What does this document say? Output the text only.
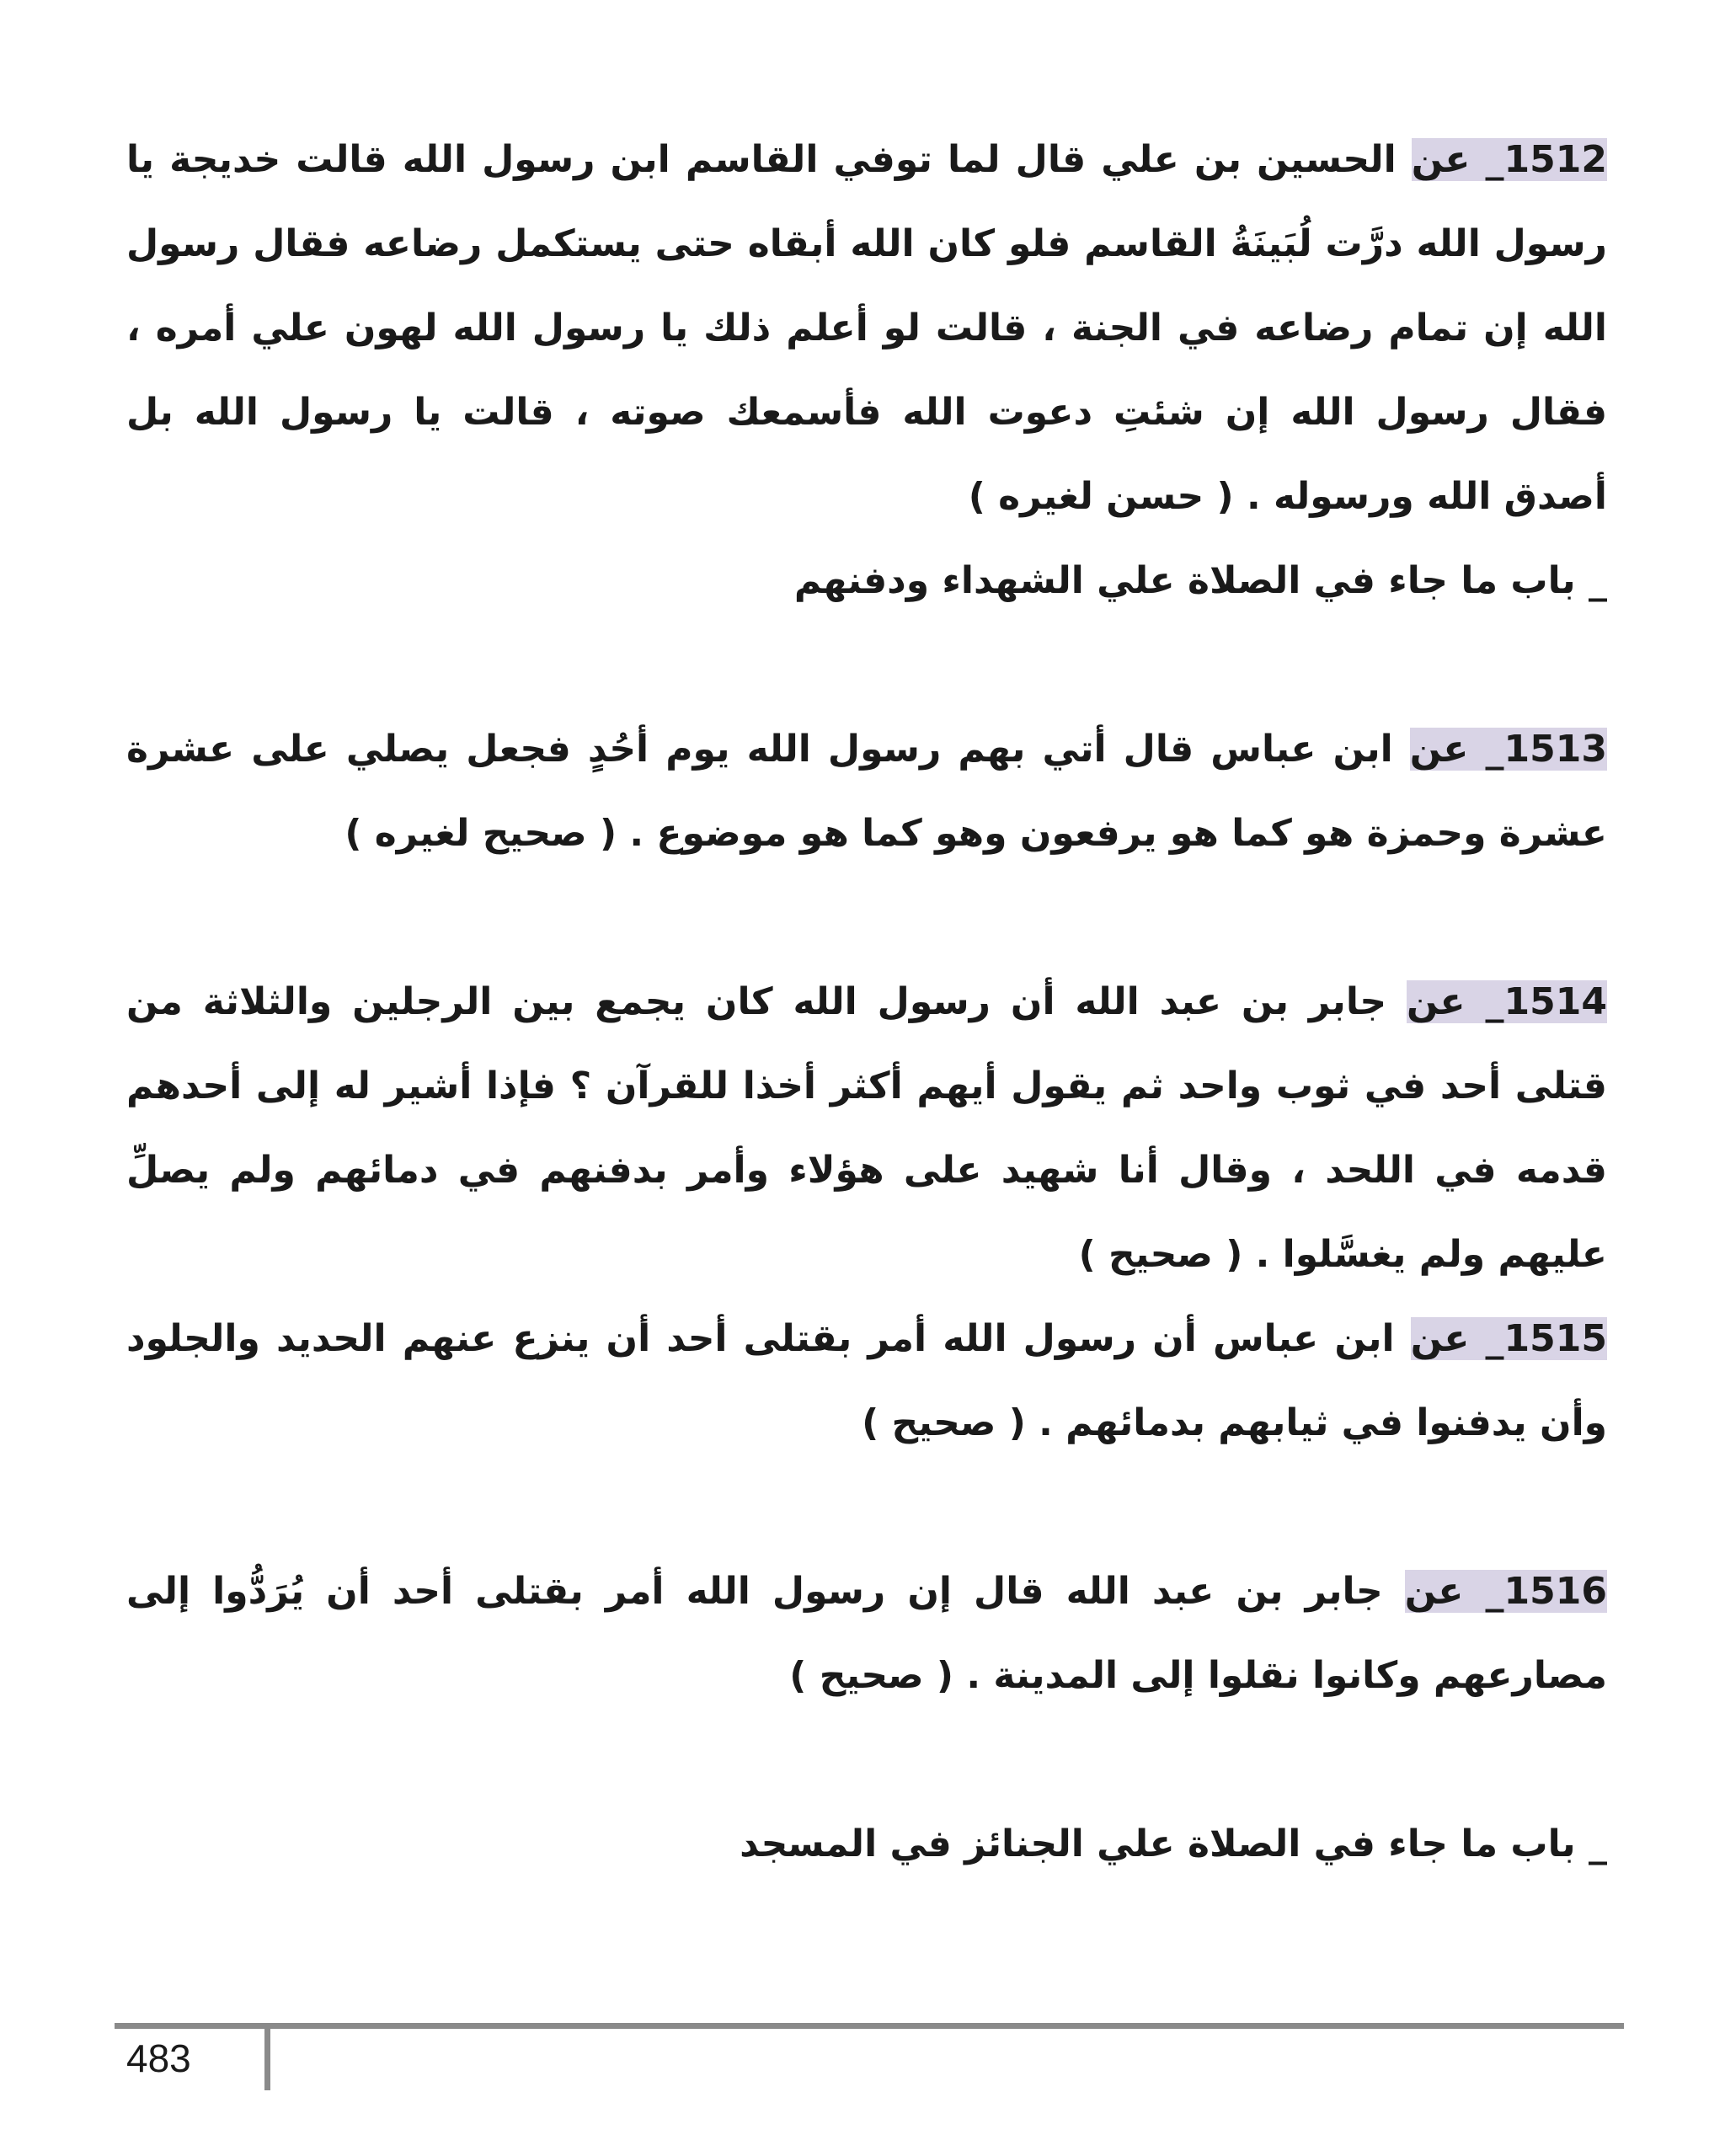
1512_ عن الحسين بن علي قال لما توفي القاسم ابن رسول الله قالت خديجة يا رسول الله درَّت لُبَينَةُ القاسم فلو كان الله أبقاه حتى يستكمل رضاعه فقال رسول الله إن تمام رضاعه في الجنة ، قالت لو أعلم ذلك يا رسول الله لهون علي أمره ، فقال رسول الله إن شئتِ دعوت الله فأسمعك صوته ، قالت يا رسول الله بل أصدق الله ورسوله . ( حسن لغيره )
_ باب ما جاء في الصلاة علي الشهداء ودفنهم
1513_ عن ابن عباس قال أتي بهم رسول الله يوم أحُدٍ فجعل يصلي على عشرة عشرة وحمزة هو كما هو يرفعون وهو كما هو موضوع . ( صحيح لغيره )
1514_ عن جابر بن عبد الله أن رسول الله كان يجمع بين الرجلين والثلاثة من قتلى أحد في ثوب واحد ثم يقول أيهم أكثر أخذا للقرآن ؟ فإذا أشير له إلى أحدهم قدمه في اللحد ، وقال أنا شهيد على هؤلاء وأمر بدفنهم في دمائهم ولم يصلِّ عليهم ولم يغسَّلوا . ( صحيح )
1515_ عن ابن عباس أن رسول الله أمر بقتلى أحد أن ينزع عنهم الحديد والجلود وأن يدفنوا في ثيابهم بدمائهم . ( صحيح )
1516_ عن جابر بن عبد الله قال إن رسول الله أمر بقتلى أحد أن يُرَدُّوا إلى مصارعهم وكانوا نقلوا إلى المدينة . ( صحيح )
_ باب ما جاء في الصلاة علي الجنائز في المسجد
483
